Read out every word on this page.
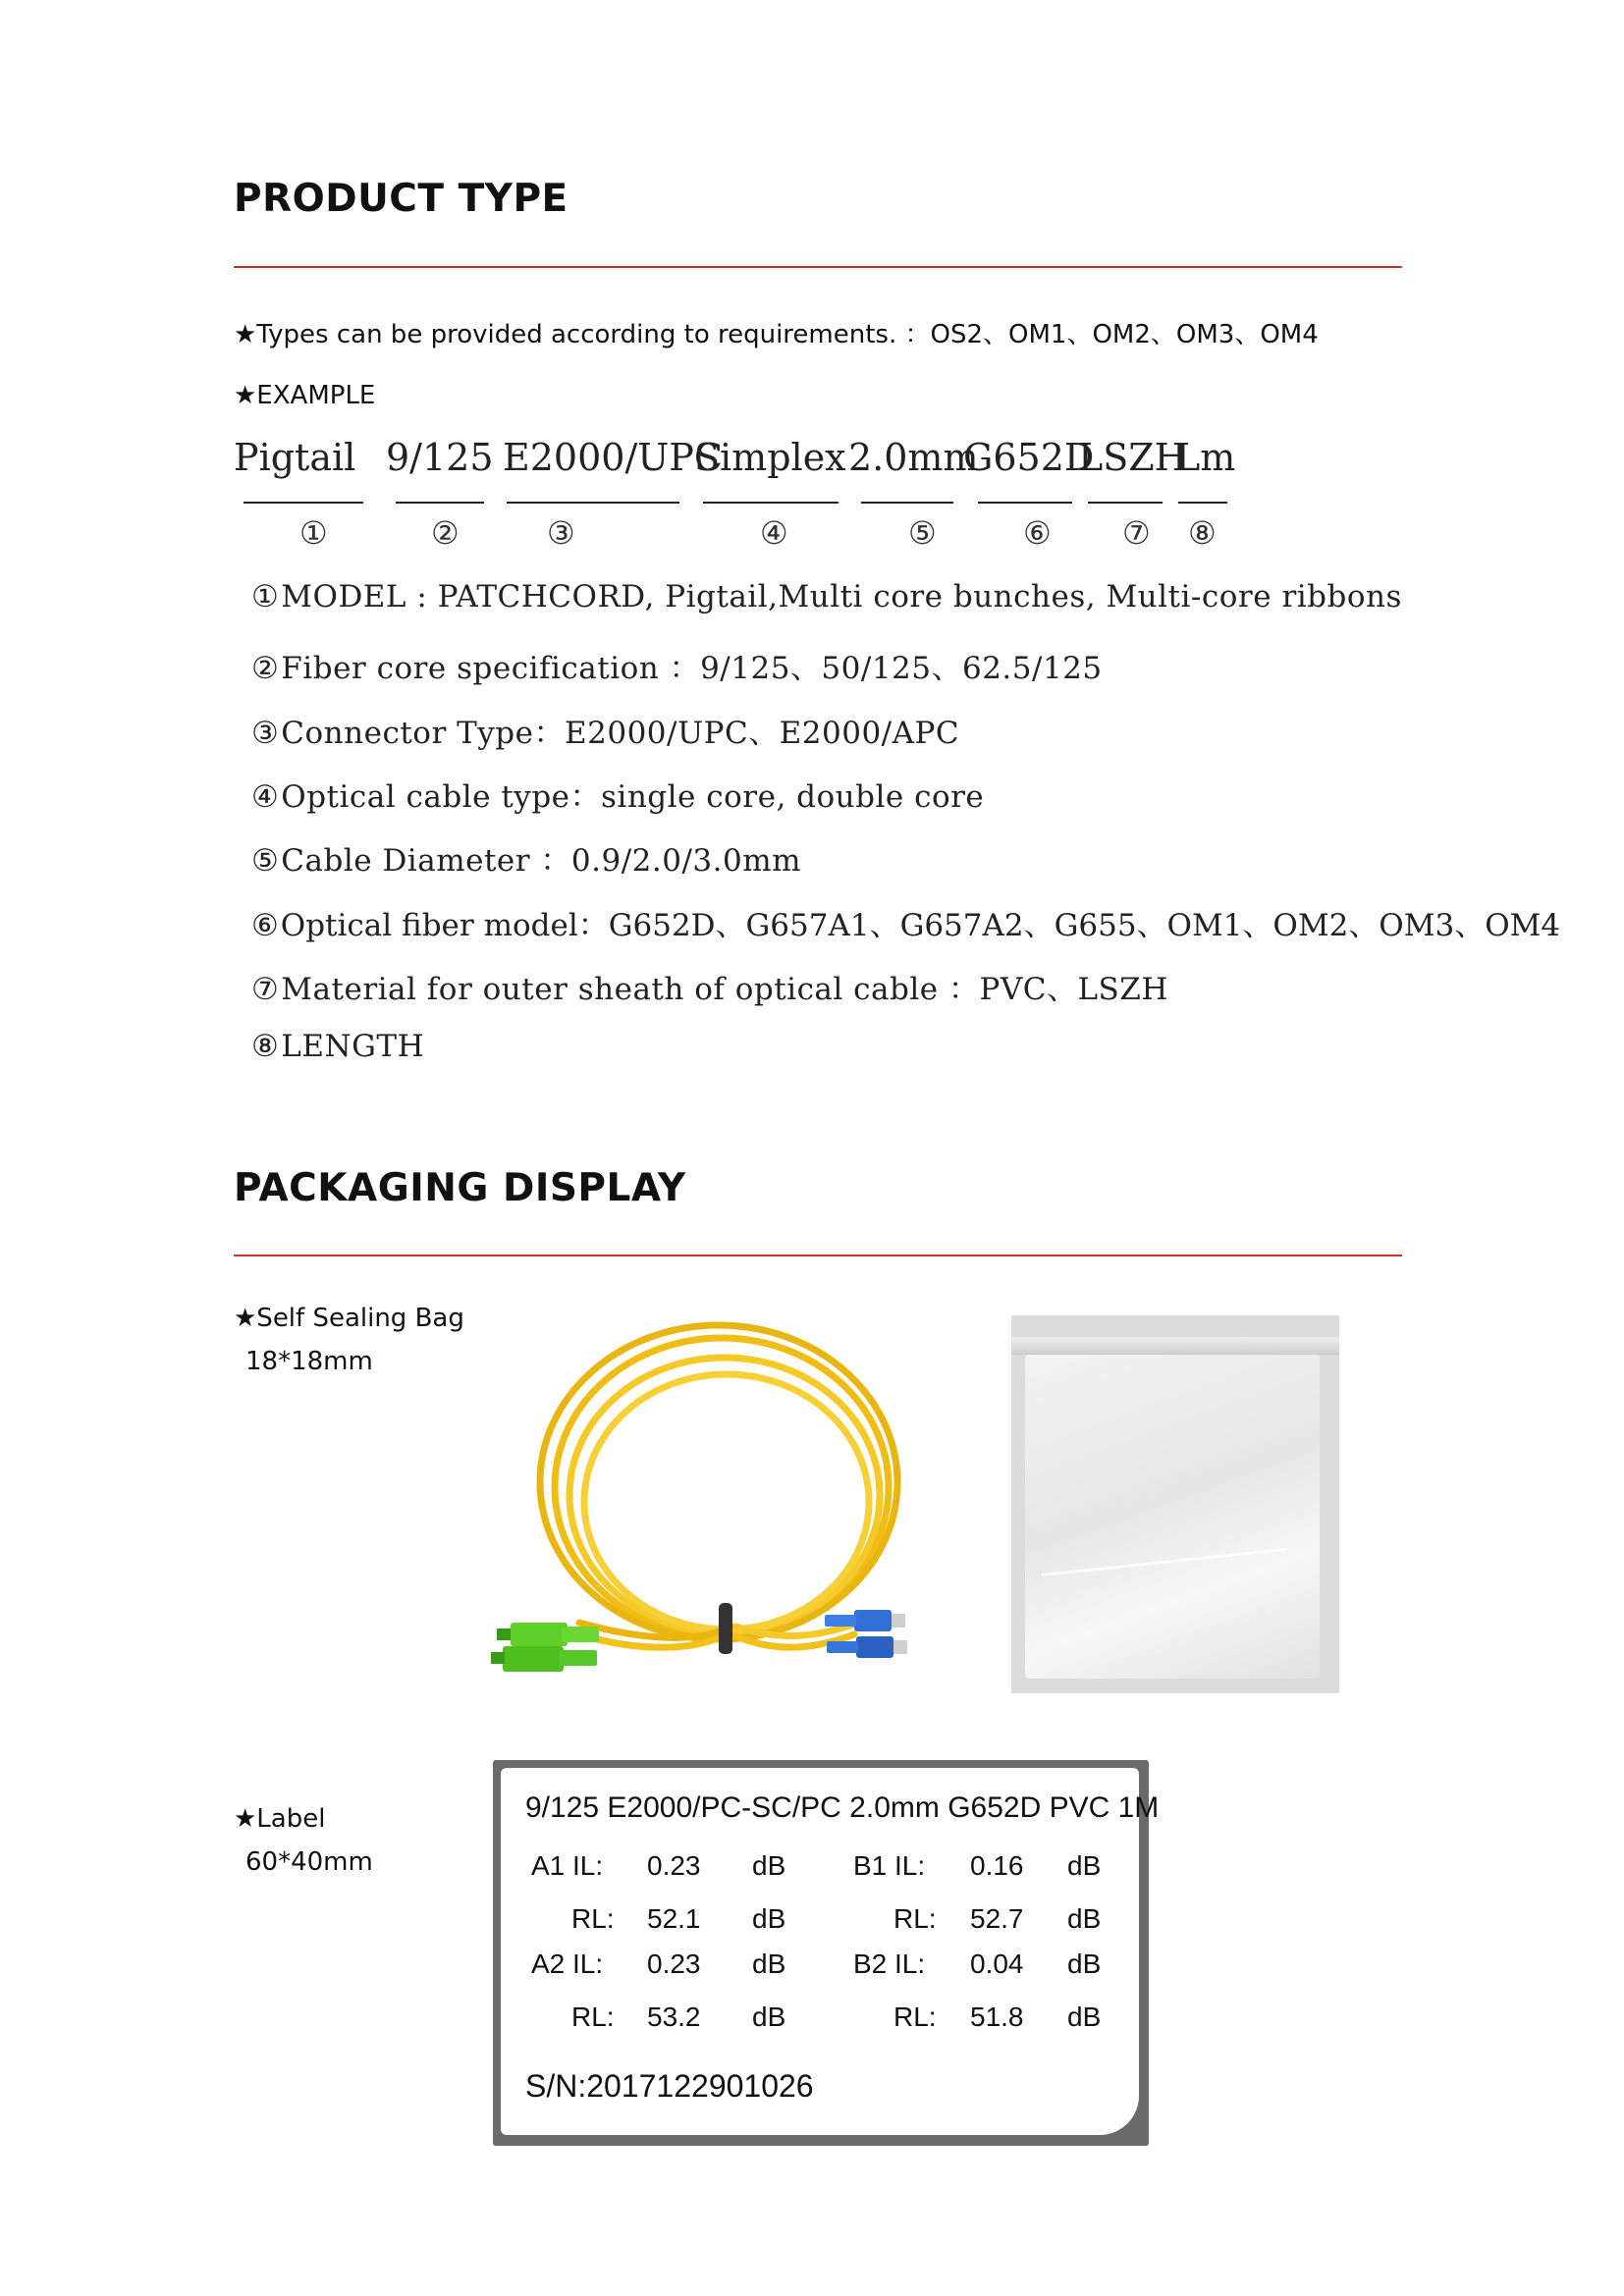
PRODUCT TYPE
★Types can be provided according to requirements. ：OS2、OM1、OM2、OM3、OM4
★EXAMPLE
Pigtail 9/125 E2000/UPC
Simplex 2.0mm
G652D
LSZH
Lm
①	②	③	④	⑤	⑥ ⑦ ⑧
①MODEL : PATCHCORD, Pigtail,Multi core bunches, Multi-core ribbons
②Fiber core specification ：9/125、50/125、62.5/125
③Connector Type：E2000/UPC、E2000/APC
④Optical cable type：single core, double core
⑤Cable Diameter ：0.9/2.0/3.0mm
⑥Optical fiber model：G652D、G657A1、G657A2、G655、OM1、OM2、OM3、OM4
⑦Material for outer sheath of optical cable ：PVC、LSZH
⑧LENGTH
PACKAGING DISPLAY
★Self Sealing Bag
18*18mm
★Label
60*40mm
9/125 E2000/PC-SC/PC 2.0mm G652D PVC 1M
A1 IL: 0.23 dB B1 IL: 0.16 dB
RL: 52.1 dB	RL: 52.7 dB
A2 IL: 0.23 dB B2 IL: 0.04 dB
RL: 53.2 dB	RL: 51.8 dB
S/N:2017122901026
